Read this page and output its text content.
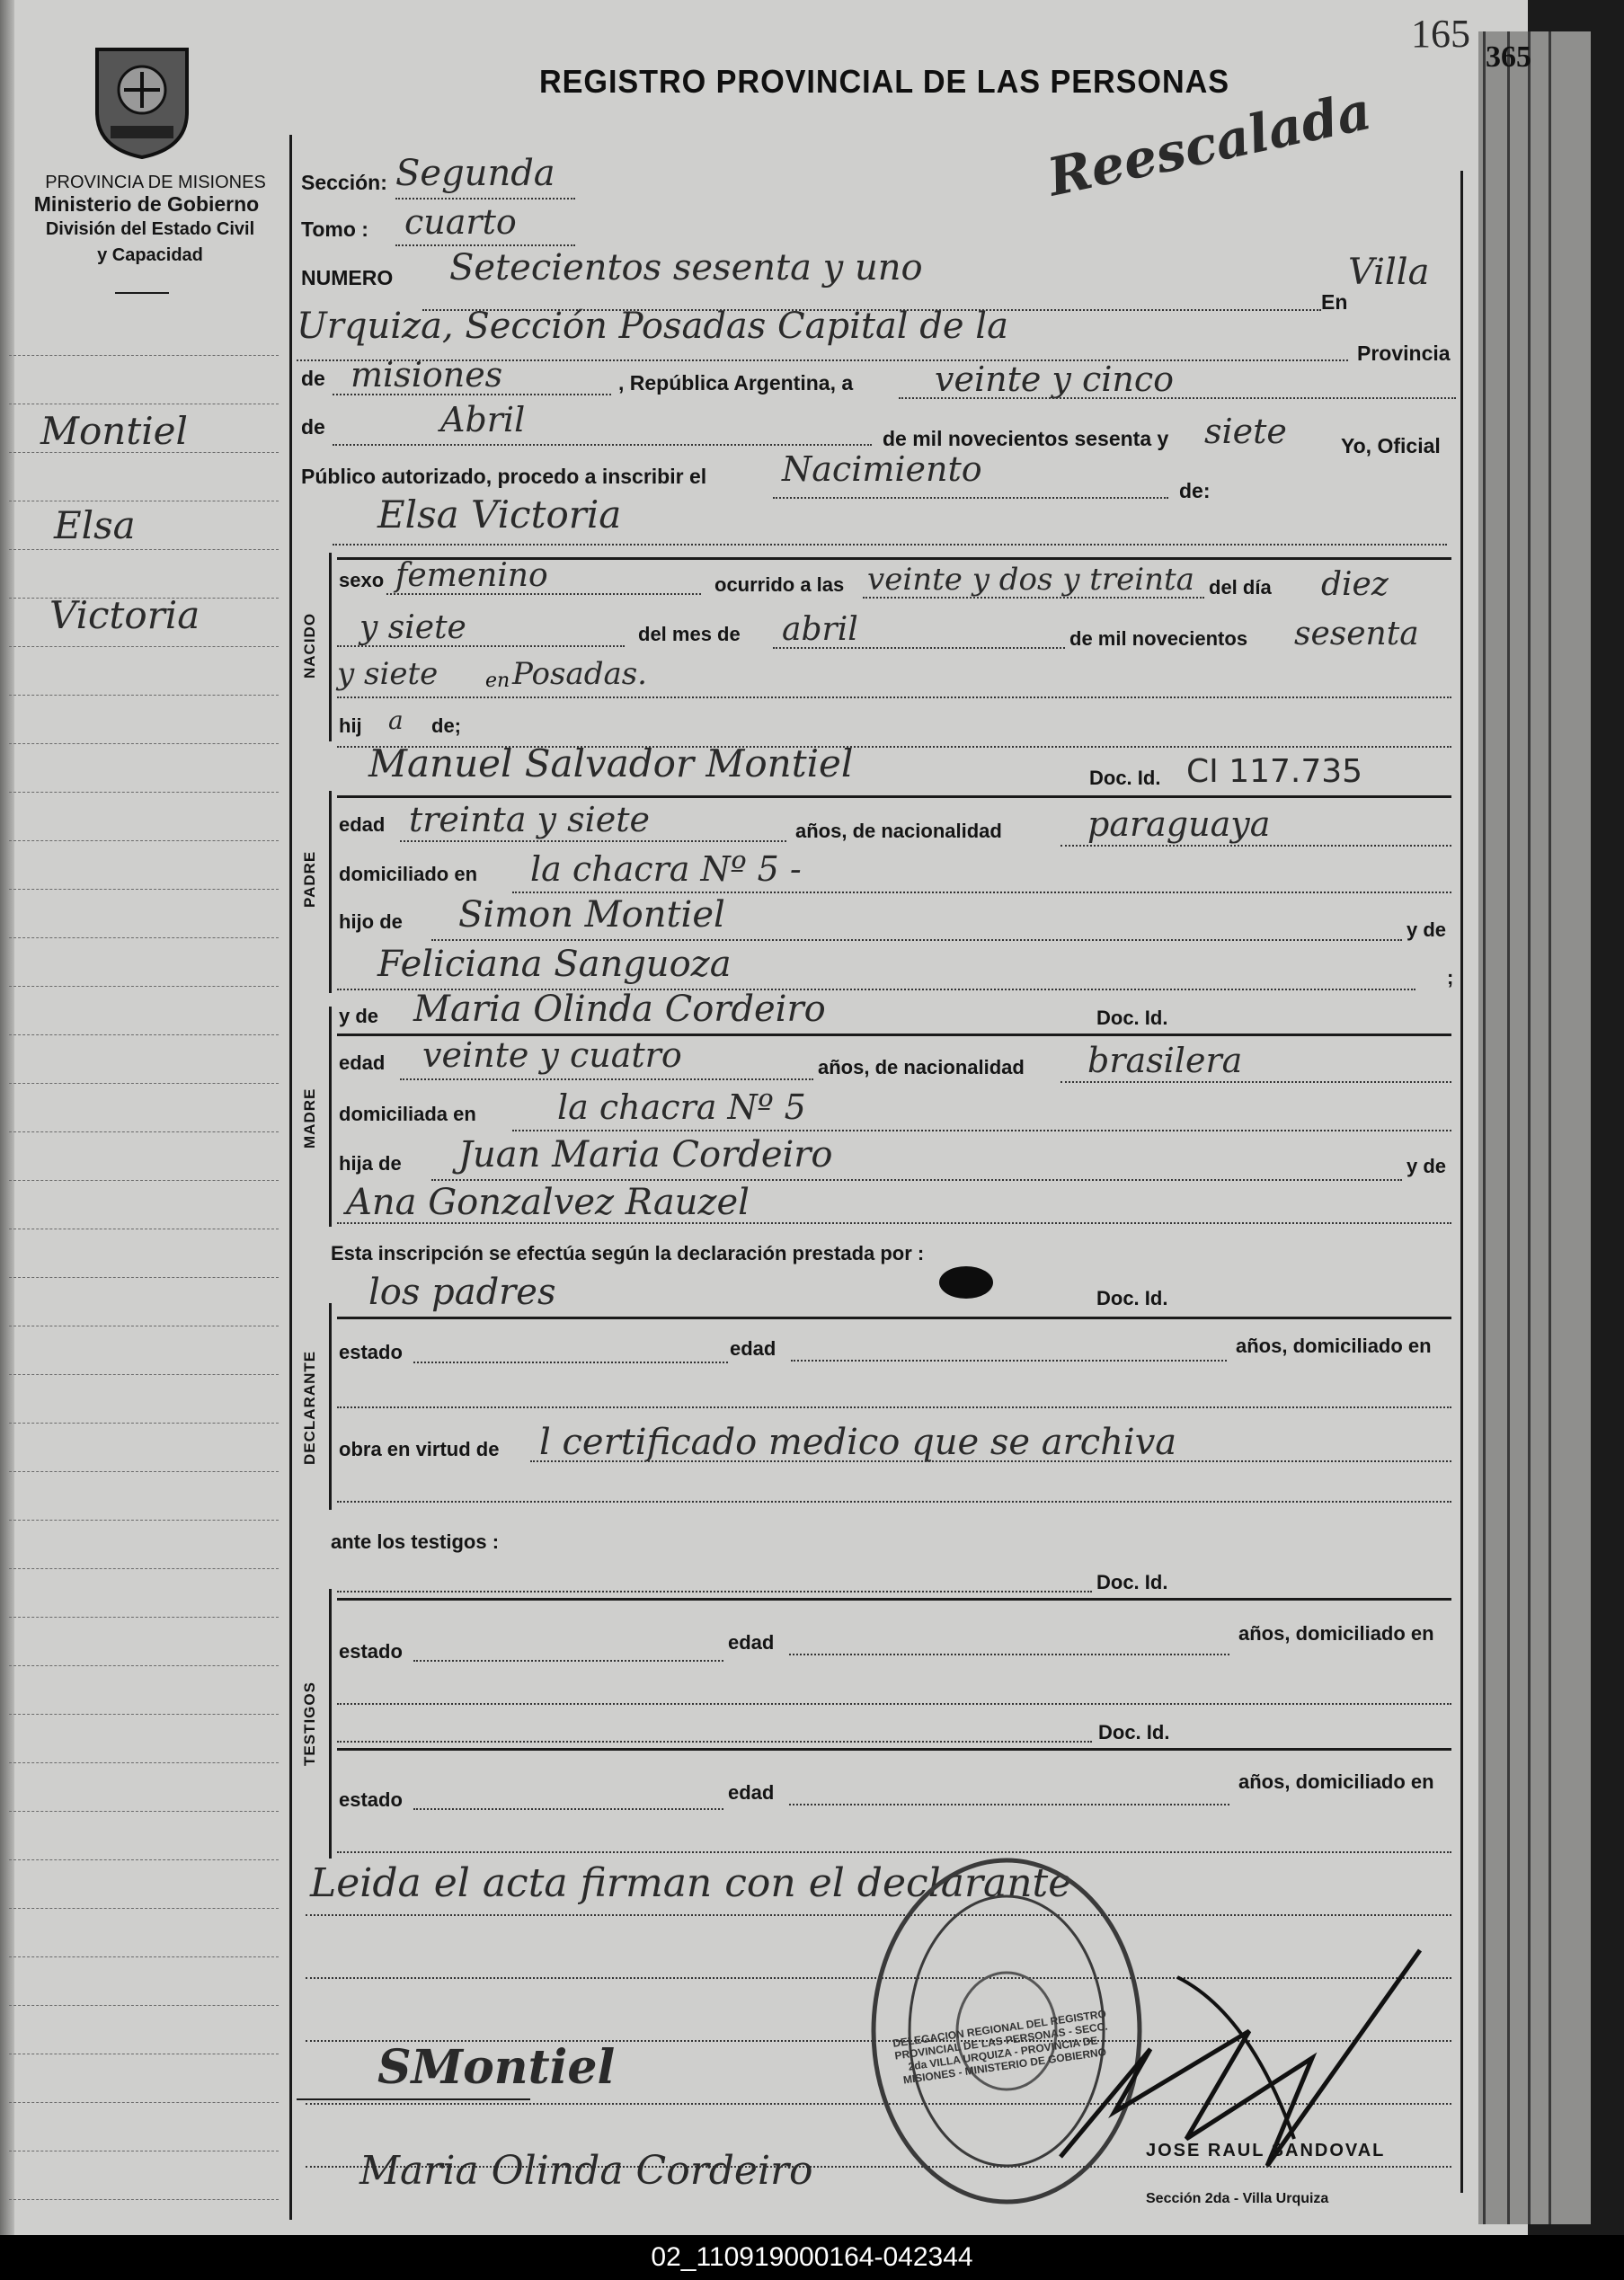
PROVINCIA DE MISIONES
Ministerio de Gobierno
División del Estado Civil
y Capacidad
REGISTRO PROVINCIAL DE LAS PERSONAS
165
Reescalada
Montiel
Elsa
Victoria
Sección: Segunda
Tomo : cuarto
NUMERO Setecientos sesenta y uno
En
Villa
Urquiza, Sección Posadas Capital de la
Provincia
de misiones	, República Argentina, a veinte y cinco
de	Abril	de mil novecientos sesenta y siete	Yo, Oficial
Público autorizado, procedo a inscribir el Nacimiento
de:
Elsa Victoria
NACIDO
sexo femenino	ocurrido a las veinte y dos y treinta del día diez
y siete	del mes de abril	de mil novecientos sesenta
y siete en Posadas.
hij a de;
Manuel Salvador Montiel	Doc. Id. CI 117.735
PADRE
edad treinta y siete	años, de nacionalidad	paraguaya
domiciliado en la chacra Nº 5 -
hijo de Simon Montiel	y de
Feliciana Sanguoza	;
y de Maria Olinda Cordeiro	Doc. Id.
MADRE
edad veinte y cuatro	años, de nacionalidad brasilera
domiciliada en la chacra Nº 5
hija de Juan Maria Cordeiro	y de
Ana Gonzalvez Rauzel
Esta inscripción se efectúa según la declaración prestada por :
los padres	Doc. Id.
DECLARANTE estado	edad	años, domiciliado en
obra en virtud de l certificado medico que se archiva
ante los testigos :
Doc. Id.
TESTIGOS
estado	edad	años, domiciliado en
Doc. Id.
estado	edad	años, domiciliado en
Leida el acta firman con el declarante
SMontiel
Maria Olinda Cordeiro
DELEGACION REGIONAL DEL REGISTRO PROVINCIAL DE LAS PERSONAS - SECC. 2da VILLA URQUIZA - PROVINCIA DE MISIONES - MINISTERIO DE GOBIERNO
JOSE RAUL SANDOVAL
Sección 2da - Villa Urquiza
365
02_110919000164-042344
